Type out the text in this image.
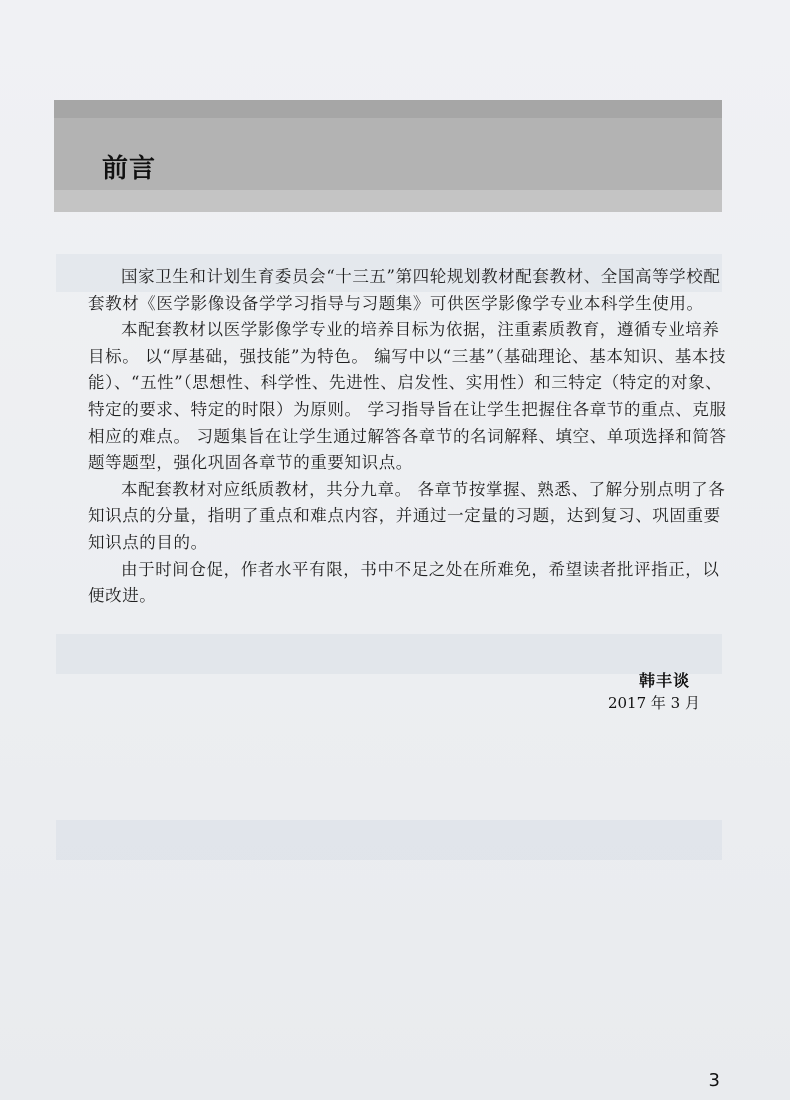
前言

国家卫生和计划生育委员会“十三五”第四轮规划教材配套教材、全国高等学校配套教材《医学影像设备学学习指导与习题集》可供医学影像学专业本科学生使用。

本配套教材以医学影像学专业的培养目标为依据，注重素质教育，遵循专业培养目标。 以“厚基础，强技能”为特色。 编写中以“三基”（基础理论、基本知识、基本技能）、“五性”（思想性、科学性、先进性、启发性、实用性）和三特定（特定的对象、特定的要求、特定的时限）为原则。 学习指导旨在让学生把握住各章节的重点、克服相应的难点。 习题集旨在让学生通过解答各章节的名词解释、填空、单项选择和简答题等题型，强化巩固各章节的重要知识点。

本配套教材对应纸质教材，共分九章。 各章节按掌握、熟悉、了解分别点明了各知识点的分量，指明了重点和难点内容，并通过一定量的习题，达到复习、巩固重要知识点的目的。

由于时间仓促，作者水平有限，书中不足之处在所难免，希望读者批评指正，以便改进。

韩丰谈
2017 年 3 月
3
